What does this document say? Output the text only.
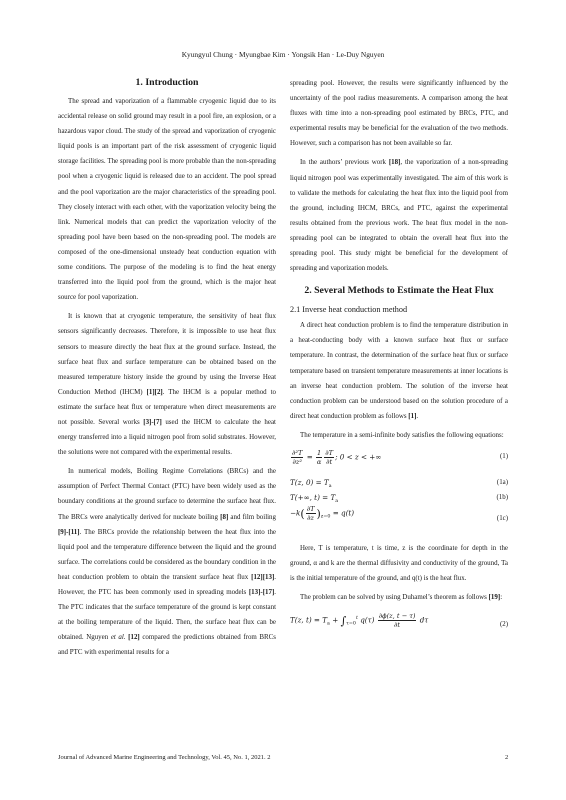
Kyungyul Chung · Myungbae Kim · Yongsik Han · Le-Duy Nguyen
1. Introduction

The spread and vaporization of a flammable cryogenic liquid due to its accidental release on solid ground may result in a pool fire, an explosion, or a hazardous vapor cloud. The study of the spread and vaporization of cryogenic liquid pools is an important part of the risk assessment of cryogenic liquid storage facilities. The spreading pool is more probable than the non-spreading pool when a cryogenic liquid is released due to an accident. The pool spread and the pool vaporization are the major characteristics of the spreading pool. They closely interact with each other, with the vaporization velocity being the link. Numerical models that can predict the vaporization velocity of the spreading pool have been based on the non-spreading pool. The models are composed of the one-dimensional unsteady heat conduction equation with some conditions. The purpose of the modeling is to find the heat energy transferred into the liquid pool from the ground, which is the major heat source for pool vaporization.

It is known that at cryogenic temperature, the sensitivity of heat flux sensors significantly decreases. Therefore, it is impossible to use heat flux sensors to measure directly the heat flux at the ground surface. Instead, the surface heat flux and surface temperature can be obtained based on the measured temperature history inside the ground by using the Inverse Heat Conduction Method (IHCM) [1][2]. The IHCM is a popular method to estimate the surface heat flux or temperature when direct measurements are not possible. Several works [3]-[7] used the IHCM to calculate the heat energy transferred into a liquid nitrogen pool from solid substrates. However, the solutions were not compared with the experimental results.

In numerical models, Boiling Regime Correlations (BRCs) and the assumption of Perfect Thermal Contact (PTC) have been widely used as the boundary conditions at the ground surface to determine the surface heat flux. The BRCs were analytically derived for nucleate boiling [8] and film boiling [9]-[11]. The BRCs provide the relationship between the heat flux into the liquid pool and the temperature difference between the liquid and the ground surface. The correlations could be considered as the boundary condition in the heat conduction problem to obtain the transient surface heat flux [12][13]. However, the PTC has been commonly used in spreading models [13]-[17]. The PTC indicates that the surface temperature of the ground is kept constant at the boiling temperature of the liquid. Then, the surface heat flux can be obtained. Nguyen et al. [12] compared the predictions obtained from BRCs and PTC with experimental results for a

spreading pool. However, the results were significantly influenced by the uncertainty of the pool radius measurements. A comparison among the heat fluxes with time into a non-spreading pool estimated by BRCs, PTC, and experimental results may be beneficial for the evaluation of the two methods. However, such a comparison has not been available so far.

In the authors’ previous work [18], the vaporization of a non-spreading liquid nitrogen pool was experimentally investigated. The aim of this work is to validate the methods for calculating the heat flux into the liquid pool from the ground, including IHCM, BRCs, and PTC, against the experimental results obtained from the previous work. The heat flux model in the non-spreading pool can be integrated to obtain the overall heat flux into the spreading pool. This study might be beneficial for the development of spreading and vaporization models.

2. Several Methods to Estimate the Heat Flux
2.1 Inverse heat conduction method

A direct heat conduction problem is to find the temperature distribution in a heat-conducting body with a known surface heat flux or surface temperature. In contrast, the determination of the surface heat flux or surface temperature based on transient temperature measurements at inner locations is an inverse heat conduction problem. The solution of the inverse heat conduction problem can be understood based on the solution procedure of a direct heat conduction problem as follows [1].

The temperature in a semi-infinite body satisfies the following equations:

$\frac{\text{∂²T}}{\text{∂z²}} = \frac{1}{\alpha} \frac{\partial T}{\partial t}$ ; 0 < z < +∞	(1)
T(z, $0) = T_a$
(1a)
T(+∞, $t) = T_a$
(1b)
$-k( \frac{\partial T}{\partial z} )_{z=0} = q(t)$
(1c)

Here, T is temperature, t is time, z is the coordinate for depth in the ground, α and k are the thermal diffusivity and conductivity of the ground, Ta is the initial temperature of the ground, and q(t) is the heat flux.

The problem can be solved by using Duhamel’s theorem as follows [19]:

T(z, $t) = T_a + \int_{\tau=0}^t$ $q(\tau) \frac{\partial\phi(z, t - \tau)}{\partial t}$ dτ
(2)
Journal of Advanced Marine Engineering and Technology, Vol. 45, No. 1, 2021. 2	2
